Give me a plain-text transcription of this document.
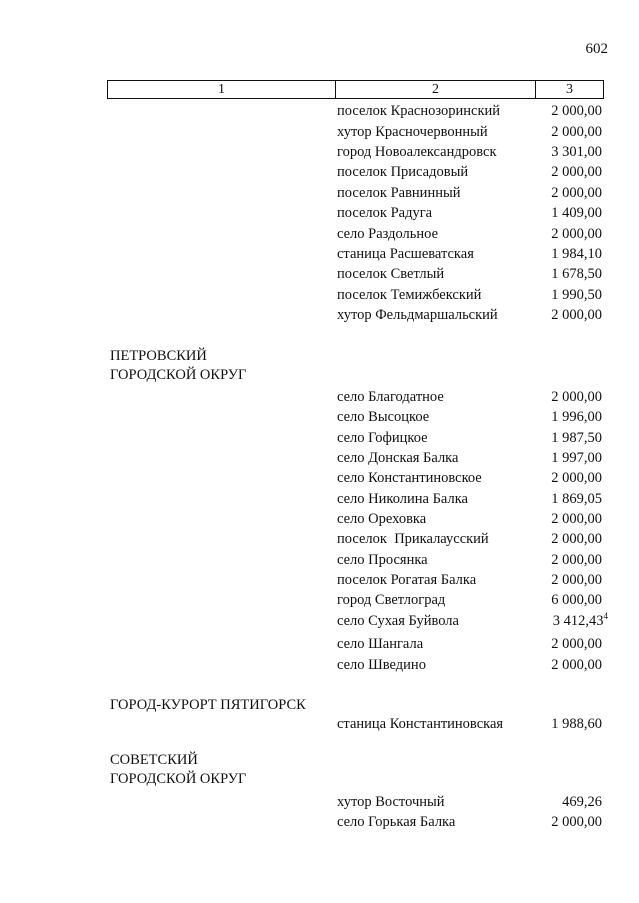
602
1	2	3
поселок Краснозоринский	2 000,00
хутор Красночервонный	2 000,00
город Новоалександровск	3 301,00
поселок Присадовый	2 000,00
поселок Равнинный	2 000,00
поселок Радуга	1 409,00
село Раздольное	2 000,00
станица Расшеватская	1 984,10
поселок Светлый	1 678,50
поселок Темижбекский	1 990,50
хутор Фельдмаршальский	2 000,00
ПЕТРОВСКИЙ
ГОРОДСКОЙ ОКРУГ
село Благодатное	2 000,00
село Высоцкое	1 996,00
село Гофицкое	1 987,50
село Донская Балка	1 997,00
село Константиновское	2 000,00
село Николина Балка	1 869,05
село Ореховка	2 000,00
поселок  Прикалаусский	2 000,00
село Просянка	2 000,00
поселок Рогатая Балка	2 000,00
город Светлоград	6 000,00
село Сухая Буйвола	3 412,43$^4$
село Шангала	2 000,00
село Шведино	2 000,00
ГОРОД-КУРОРТ ПЯТИГОРСК
станица Константиновская	1 988,60
СОВЕТСКИЙ
ГОРОДСКОЙ ОКРУГ
хутор Восточный	469,26
село Горькая Балка	2 000,00
